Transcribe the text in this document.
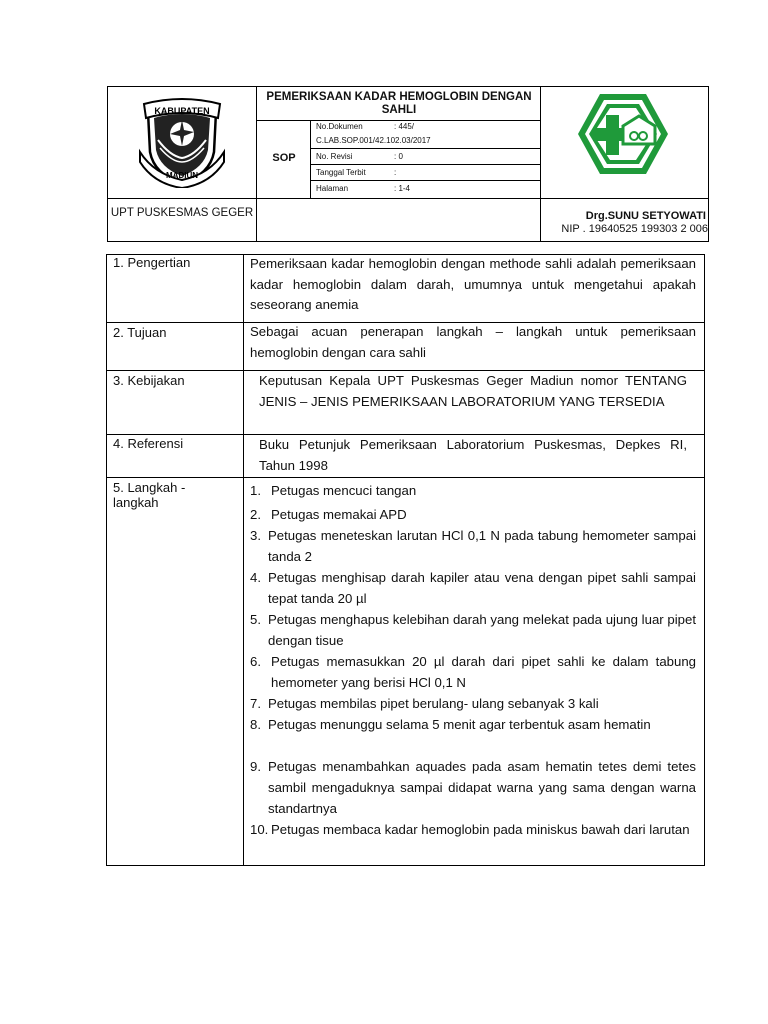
KABUPATEN
MADIUN
PEMERIKSAAN KADAR HEMOGLOBIN DENGAN SAHLI
SOP
No.Dokumen	: 445/
C.LAB.SOP.001/42.102.03/2017
No. Revisi	: 0
Tanggal Terbit	:
Halaman	: 1-4
UPT PUSKESMAS GEGER	Drg.SUNU SETYOWATI
NIP . 19640525 199303 2 006
1. Pengertian	Pemeriksaan kadar hemoglobin dengan methode sahli adalah pemeriksaan kadar hemoglobin dalam darah, umumnya untuk mengetahui apakah seseorang anemia
2. Tujuan	Sebagai acuan penerapan langkah – langkah untuk pemeriksaan hemoglobin dengan cara sahli
3. Kebijakan	Keputusan Kepala UPT Puskesmas Geger Madiun nomor TENTANG JENIS – JENIS PEMERIKSAAN LABORATORIUM YANG TERSEDIA
4. Referensi	Buku Petunjuk Pemeriksaan Laboratorium Puskesmas, Depkes RI, Tahun 1998
5. Langkah - langkah
1. Petugas mencuci tangan
2. Petugas memakai APD
3. Petugas meneteskan larutan HCl 0,1 N pada tabung hemometer sampai tanda 2
4. Petugas menghisap darah kapiler atau vena dengan pipet sahli sampai tepat tanda 20 µl
5. Petugas menghapus kelebihan darah yang melekat pada ujung luar pipet dengan tisue
6. Petugas memasukkan 20 µl darah dari pipet sahli ke dalam tabung hemometer yang berisi HCl 0,1 N
7. Petugas membilas pipet berulang- ulang sebanyak 3 kali
8. Petugas menunggu selama 5 menit agar terbentuk asam hematin
9. Petugas menambahkan aquades pada asam hematin tetes demi tetes sambil mengaduknya sampai didapat warna yang sama dengan warna standartnya
10. Petugas membaca kadar hemoglobin pada miniskus bawah dari larutan
